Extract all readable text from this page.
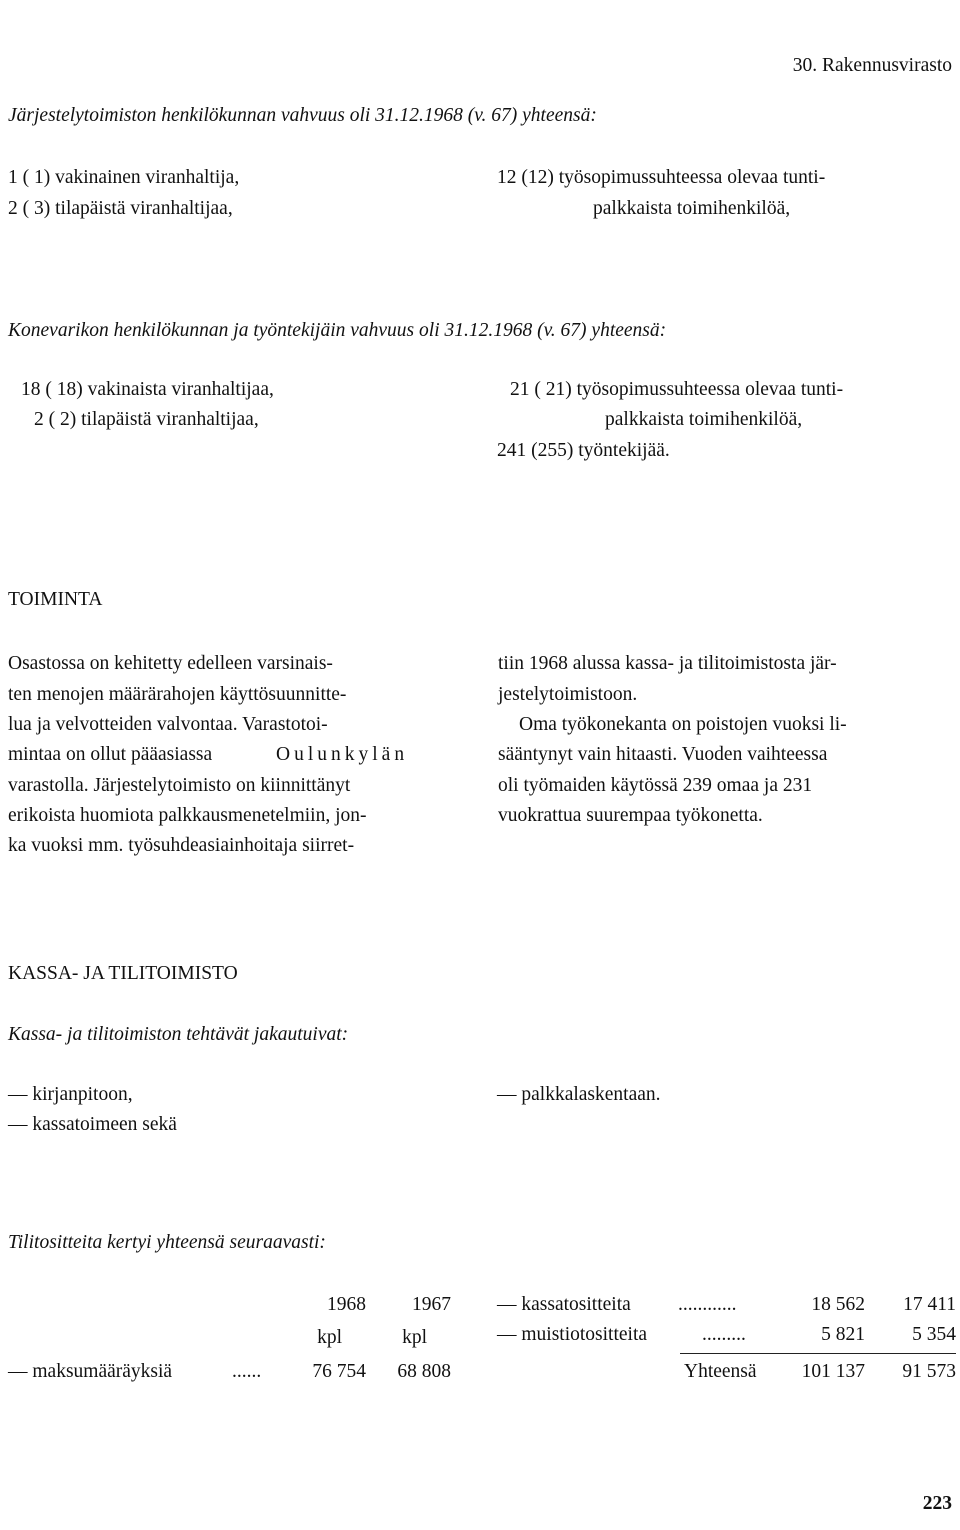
30. Rakennusvirasto
Järjestelytoimiston henkilökunnan vahvuus oli 31.12.1968 (v. 67) yhteensä:
1 ( 1) vakinainen viranhaltija,
2 ( 3) tilapäistä viranhaltijaa,
12 (12) työsopimussuhteessa olevaa tunti-
palkkaista toimihenkilöä,
Konevarikon henkilökunnan ja työntekijäin vahvuus oli 31.12.1968 (v. 67) yhteensä:
18 ( 18) vakinaista viranhaltijaa,
2 ( 2) tilapäistä viranhaltijaa,
21 ( 21) työsopimussuhteessa olevaa tunti-
palkkaista toimihenkilöä,
241 (255) työntekijää.
TOIMINTA
Osastossa on kehitetty edelleen varsinais-
ten menojen määrärahojen käyttösuunnitte-
lua ja velvotteiden valvontaa. Varastotoi-
mintaa on ollut pääasiassa	Oulunkylän
varastolla. Järjestelytoimisto on kiinnittänyt
erikoista huomiota palkkausmenetelmiin, jon-
ka vuoksi mm. työsuhdeasiainhoitaja siirret-
tiin 1968 alussa kassa- ja tilitoimistosta jär-
jestelytoimistoon.
Oma työkonekanta on poistojen vuoksi li-
sääntynyt vain hitaasti. Vuoden vaihteessa
oli työmaiden käytössä 239 omaa ja 231
vuokrattua suurempaa työkonetta.
KASSA- JA TILITOIMISTO
Kassa- ja tilitoimiston tehtävät jakautuivat:
— kirjanpitoon,
— kassatoimeen sekä
— palkkalaskentaan.
Tilitositteita kertyi yhteensä seuraavasti:
1968	1967
kpl	kpl
— maksumääräyksiä	......	76 754	68 808
— kassatositteita ............	18 562	17 411
— muistiotositteita	.........	5 821	5 354
Yhteensä	101 137	91 573
223
